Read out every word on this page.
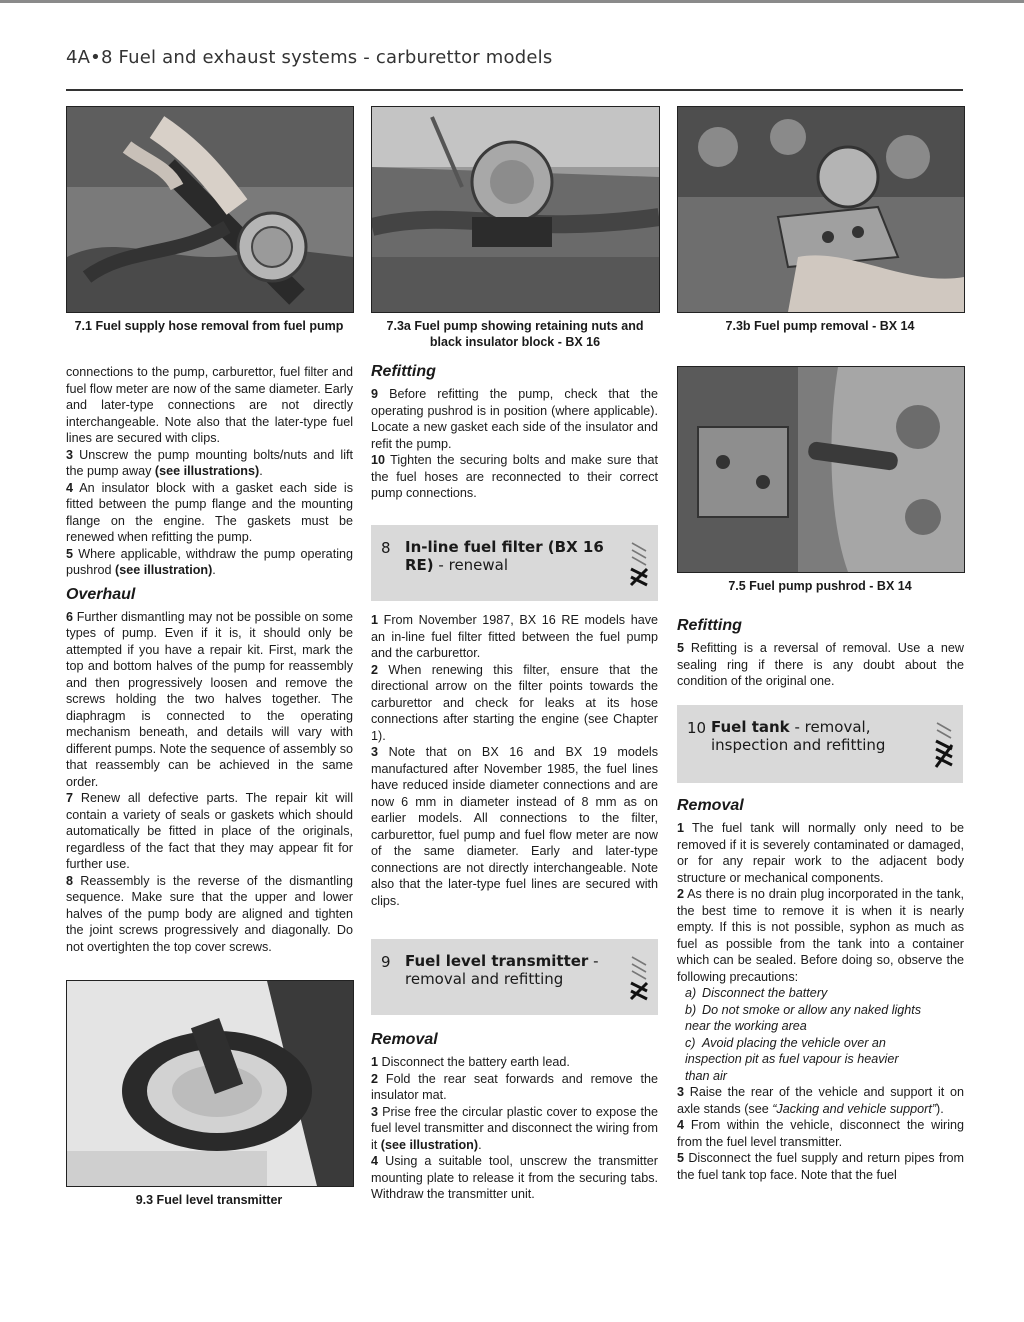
4A•8 Fuel and exhaust systems - carburettor models
7.1 Fuel supply hose removal from fuel pump	7.3a Fuel pump showing retaining nuts and black insulator block - BX 16
7.3b Fuel pump removal - BX 14
7.5 Fuel pump pushrod - BX 14
9.3 Fuel level transmitter

connections to the pump, carburettor, fuel filter and fuel flow meter are now of the same diameter. Early and later-type connections are not directly interchangeable. Note also that the later-type fuel lines are secured with clips.

3 Unscrew the pump mounting bolts/nuts and lift the pump away (see illustrations).

4 An insulator block with a gasket each side is fitted between the pump flange and the mounting flange on the engine. The gaskets must be renewed when refitting the pump.

5 Where applicable, withdraw the pump operating pushrod (see illustration).

Overhaul

6 Further dismantling may not be possible on some types of pump. Even if it is, it should only be attempted if you have a repair kit. First, mark the top and bottom halves of the pump for reassembly and then progressively loosen and remove the screws holding the two halves together. The diaphragm is connected to the operating mechanism beneath, and details will vary with different pumps. Note the sequence of assembly so that reassembly can be achieved in the same order.

7 Renew all defective parts. The repair kit will contain a variety of seals or gaskets which should automatically be fitted in place of the originals, regardless of the fact that they may appear fit for further use.

8 Reassembly is the reverse of the dismantling sequence. Make sure that the upper and lower halves of the pump body are aligned and tighten the joint screws progressively and diagonally. Do not overtighten the top cover screws.

Refitting

9 Before refitting the pump, check that the operating pushrod is in position (where applicable). Locate a new gasket each side of the insulator and refit the pump.

10 Tighten the securing bolts and make sure that the fuel hoses are reconnected to their correct pump connections.

8 In-line fuel filter (BX 16 RE) - renewal

1 From November 1987, BX 16 RE models have an in-line fuel filter fitted between the fuel pump and the carburettor.

2 When renewing this filter, ensure that the directional arrow on the filter points towards the carburettor and check for leaks at its hose connections after starting the engine (see Chapter 1).

3 Note that on BX 16 and BX 19 models manufactured after November 1985, the fuel lines have reduced inside diameter connections and are now 6 mm in diameter instead of 8 mm as on earlier models. All connections to the filter, carburettor, fuel pump and fuel flow meter are now of the same diameter. Early and later-type connections are not directly interchangeable. Note also that the later-type fuel lines are secured with clips.

9 Fuel level transmitter - removal and refitting
Removal

1 Disconnect the battery earth lead.

2 Fold the rear seat forwards and remove the insulator mat.

3 Prise free the circular plastic cover to expose the fuel level transmitter and disconnect the wiring from it (see illustration).

4 Using a suitable tool, unscrew the transmitter mounting plate to release it from the securing tabs. Withdraw the transmitter unit.

Refitting

5 Refitting is a reversal of removal. Use a new sealing ring if there is any doubt about the condition of the original one.

10 Fuel tank - removal, inspection and refitting
Removal

1 The fuel tank will normally only need to be removed if it is severely contaminated or damaged, or for any repair work to the adjacent body structure or mechanical components.

2 As there is no drain plug incorporated in the tank, the best time to remove it is when it is nearly empty. If this is not possible, syphon as much as fuel as possible from the tank into a container which can be sealed. Before doing so, observe the following precautions:

a) Disconnect the battery

b) Do not smoke or allow any naked lights

near the working area

c) Avoid placing the vehicle over an

inspection pit as fuel vapour is heavier

than air

3 Raise the rear of the vehicle and support it on axle stands (see “Jacking and vehicle support”).

4 From within the vehicle, disconnect the wiring from the fuel level transmitter.

5 Disconnect the fuel supply and return pipes from the fuel tank top face. Note that the fuel
